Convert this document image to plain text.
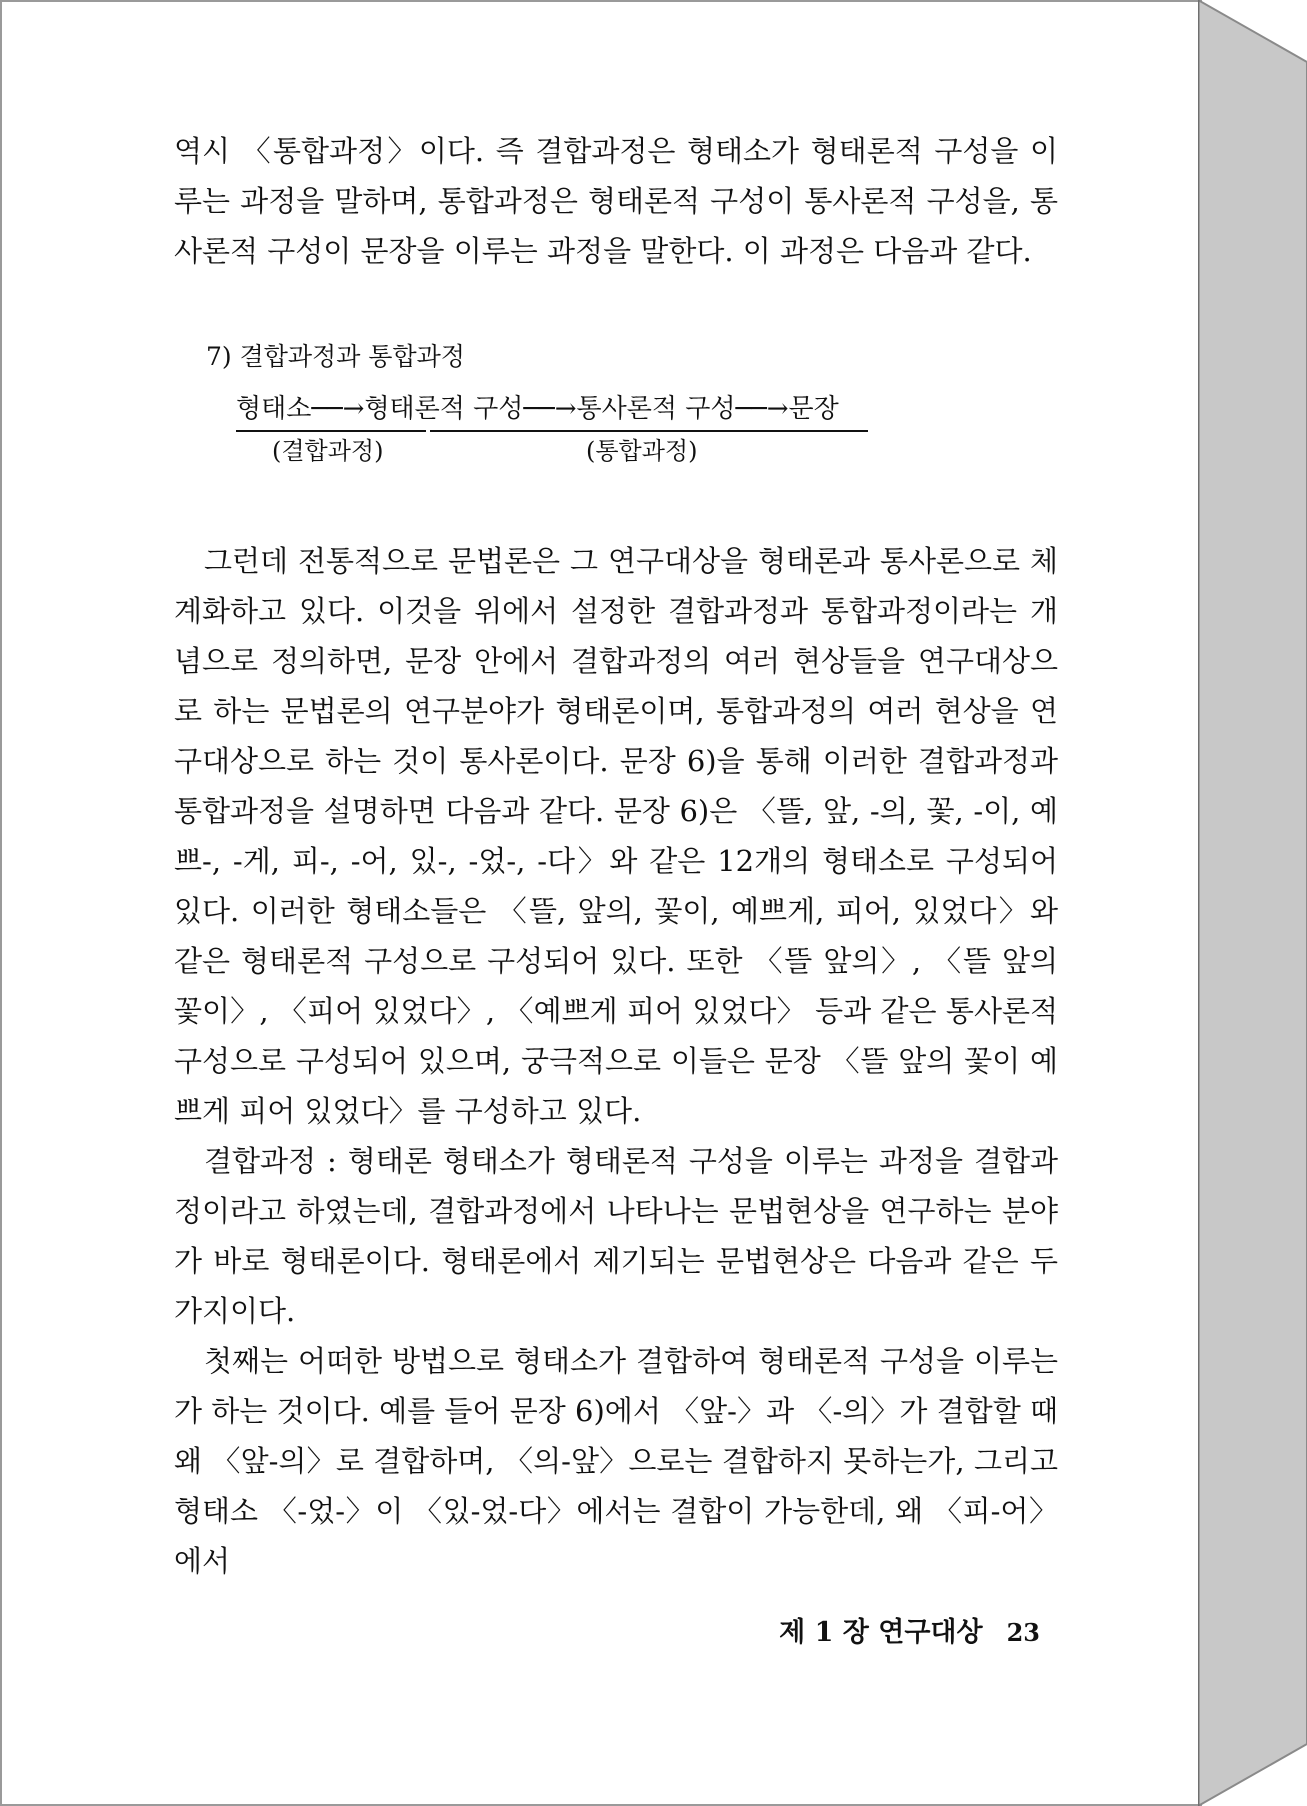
역시 〈통합과정〉이다. 즉 결합과정은 형태소가 형태론적 구성을 이루는 과정을 말하며, 통합과정은 형태론적 구성이 통사론적 구성을, 통사론적 구성이 문장을 이루는 과정을 말한다. 이 과정은 다음과 같다.

7) 결합과정과 통합과정
형태소──→형태론적 구성──→통사론적 구성──→문장
(결합과정)	(통합과정)

그런데 전통적으로 문법론은 그 연구대상을 형태론과 통사론으로 체계화하고 있다. 이것을 위에서 설정한 결합과정과 통합과정이라는 개념으로 정의하면, 문장 안에서 결합과정의 여러 현상들을 연구대상으로 하는 문법론의 연구분야가 형태론이며, 통합과정의 여러 현상을 연구대상으로 하는 것이 통사론이다. 문장 6)을 통해 이러한 결합과정과 통합과정을 설명하면 다음과 같다. 문장 6)은 〈뜰, 앞, -의, 꽃, -이, 예쁘-, -게, 피-, -어, 있-, -었-, -다〉와 같은 12개의 형태소로 구성되어 있다. 이러한 형태소들은 〈뜰, 앞의, 꽃이, 예쁘게, 피어, 있었다〉와 같은 형태론적 구성으로 구성되어 있다. 또한 〈뜰 앞의〉, 〈뜰 앞의 꽃이〉, 〈피어 있었다〉, 〈예쁘게 피어 있었다〉 등과 같은 통사론적 구성으로 구성되어 있으며, 궁극적으로 이들은 문장 〈뜰 앞의 꽃이 예쁘게 피어 있었다〉를 구성하고 있다.

결합과정 : 형태론 형태소가 형태론적 구성을 이루는 과정을 결합과정이라고 하였는데, 결합과정에서 나타나는 문법현상을 연구하는 분야가 바로 형태론이다. 형태론에서 제기되는 문법현상은 다음과 같은 두 가지이다.

첫째는 어떠한 방법으로 형태소가 결합하여 형태론적 구성을 이루는가 하는 것이다. 예를 들어 문장 6)에서 〈앞-〉과 〈-의〉가 결합할 때 왜 〈앞-의〉로 결합하며, 〈의-앞〉으로는 결합하지 못하는가, 그리고 형태소 〈-었-〉이 〈있-었-다〉에서는 결합이 가능한데, 왜 〈피-어〉에서

제 1 장 연구대상 23
